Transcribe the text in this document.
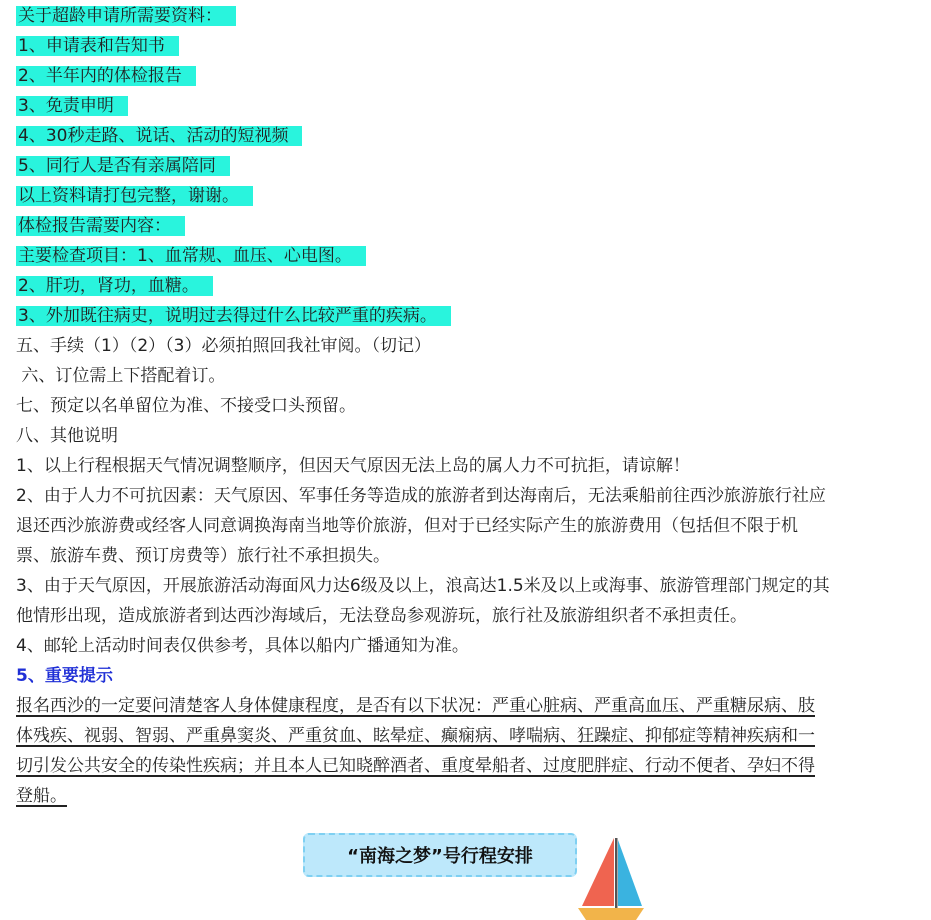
关于超龄申请所需要资料：
1、申请表和告知书
2、半年内的体检报告
3、免责申明
4、30秒走路、说话、活动的短视频
5、同行人是否有亲属陪同
以上资料请打包完整，谢谢。
体检报告需要内容：
主要检查项目：1、血常规、血压、心电图。
2、肝功，肾功，血糖。
3、外加既往病史，说明过去得过什么比较严重的疾病。
五、手续（1）（2）（3）必须拍照回我社审阅。（切记）
六、订位需上下搭配着订。
七、预定以名单留位为准、不接受口头预留。
八、其他说明
1、以上行程根据天气情况调整顺序，但因天气原因无法上岛的属人力不可抗拒，请谅解！
2、由于人力不可抗因素：天气原因、军事任务等造成的旅游者到达海南后，无法乘船前往西沙旅游旅行社应
退还西沙旅游费或经客人同意调换海南当地等价旅游，但对于已经实际产生的旅游费用（包括但不限于机
票、旅游车费、预订房费等）旅行社不承担损失。
3、由于天气原因，开展旅游活动海面风力达6级及以上，浪高达1.5米及以上或海事、旅游管理部门规定的其
他情形出现，造成旅游者到达西沙海域后，无法登岛参观游玩，旅行社及旅游组织者不承担责任。
4、邮轮上活动时间表仅供参考，具体以船内广播通知为准。
5、重要提示
报名西沙的一定要问清楚客人身体健康程度，是否有以下状况：严重心脏病、严重高血压、严重糖尿病、肢
体残疾、视弱、智弱、严重鼻窦炎、严重贫血、眩晕症、癫痫病、哮喘病、狂躁症、抑郁症等精神疾病和一
切引发公共安全的传染性疾病；并且本人已知晓醉酒者、重度晕船者、过度肥胖症、行动不便者、孕妇不得
登船。
“南海之梦”号行程安排
